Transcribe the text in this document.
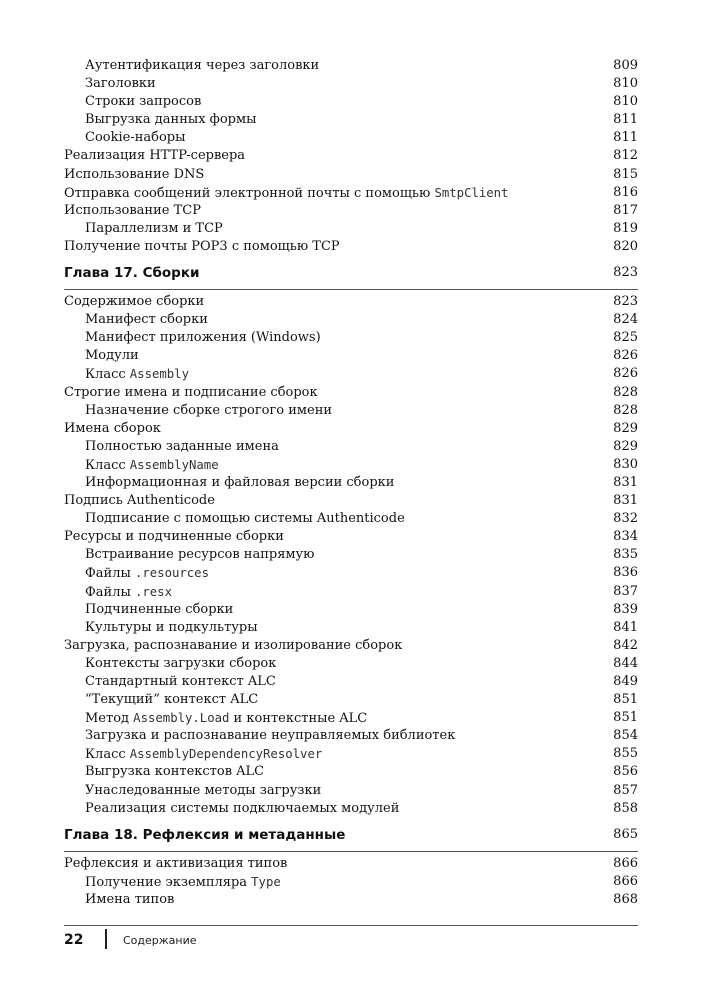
Аутентификация через заголовки	809
Заголовки	810
Строки запросов	810
Выгрузка данных формы	811
Cookie-наборы	811
Реализация HTTP-сервера	812
Использование DNS	815
Отправка сообщений электронной почты с помощью SmtpClient	816
Использование TCP	817
Параллелизм и TCP	819
Получение почты POP3 с помощью TCP	820
Глава 17. Сборки	823
Содержимое сборки	823
Манифест сборки	824
Манифест приложения (Windows)	825
Модули	826
Класс Assembly	826
Строгие имена и подписание сборок	828
Назначение сборке строгого имени	828
Имена сборок	829
Полностью заданные имена	829
Класс AssemblyName	830
Информационная и файловая версии сборки	831
Подпись Authenticode	831
Подписание с помощью системы Authenticode	832
Ресурсы и подчиненные сборки	834
Встраивание ресурсов напрямую	835
Файлы .resources	836
Файлы .resx	837
Подчиненные сборки	839
Культуры и подкультуры	841
Загрузка, распознавание и изолирование сборок	842
Контексты загрузки сборок	844
Стандартный контекст ALC	849
“Текущий” контекст ALC	851
Метод Assembly.Load и контекстные ALC	851
Загрузка и распознавание неуправляемых библиотек	854
Класс AssemblyDependencyResolver	855
Выгрузка контекстов ALC	856
Унаследованные методы загрузки	857
Реализация системы подключаемых модулей	858
Глава 18. Рефлексия и метаданные	865
Рефлексия и активизация типов	866
Получение экземпляра Type	866
Имена типов	868
22	Содержание
